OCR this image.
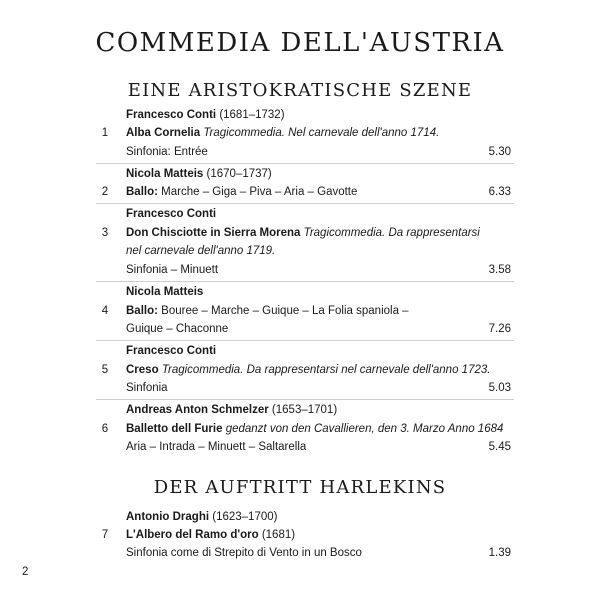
COMMEDIA DELL'AUSTRIA
EINE ARISTOKRATISCHE SZENE
Francesco Conti (1681–1732)
1	Alba Cornelia Tragicommedia. Nel carnevale dell'anno 1714.
Sinfonia: Entrée	5.30
Nicola Matteis (1670–1737)
2	Ballo: Marche – Giga – Piva – Aria – Gavotte	6.33
Francesco Conti
3	Don Chisciotte in Sierra Morena Tragicommedia. Da rappresentarsi
nel carnevale dell'anno 1719.
Sinfonia – Minuett	3.58
Nicola Matteis
4	Ballo: Bouree – Marche – Guique – La Folia spaniola –
Guique – Chaconne	7.26
Francesco Conti
5	Creso Tragicommedia. Da rappresentarsi nel carnevale dell'anno 1723.
Sinfonia	5.03
Andreas Anton Schmelzer (1653–1701)
6	Balletto dell Furie gedanzt von den Cavallieren, den 3. Marzo Anno 1684
Aria – Intrada – Minuett – Saltarella	5.45
DER AUFTRITT HARLEKINS
Antonio Draghi (1623–1700)
7	L'Albero del Ramo d'oro (1681)
Sinfonia come di Strepito di Vento in un Bosco	1.39
2
